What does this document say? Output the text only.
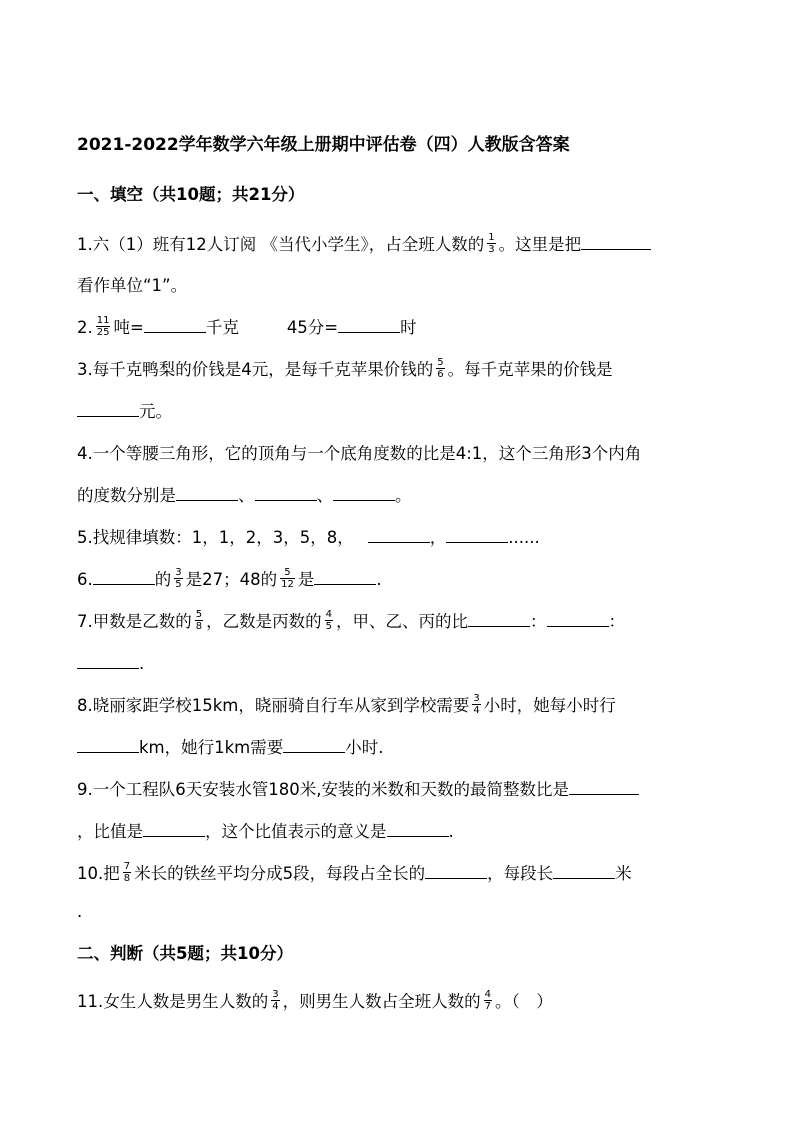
2021-2022学年数学六年级上册期中评估卷（四）人教版含答案
一、填空（共10题；共21分）
1.六（1）班有12人订阅 《当代小学生》，占全班人数的 $\frac{1}{3}$ 。这里是把
看作单位“1”。
2. $\frac{11}{25}$ 吨=	千克	45分=	时
3.每千克鸭梨的价钱是4元，是每千克苹果价钱的 $\frac{5}{6}$ 。每千克苹果的价钱是
元。
4.一个等腰三角形，它的顶角与一个底角度数的比是4:1，这个三角形3个内角
的度数分别是	、	、	。
5.找规律填数：1，1，2，3，5，8，	，	......
6.	的 $\frac{3}{5}$ 是27；48的 $\frac{5}{12}$ 是	.
7.甲数是乙数的 $\frac{5}{8}$ ，乙数是丙数的 $\frac{4}{5}$ ，甲、乙、丙的比	：	：
.
8.晓丽家距学校15km，晓丽骑自行车从家到学校需要 $\frac{3}{4}$ 小时，她每小时行
km，她行1km需要	小时.
9.一个工程队6天安装水管180米,安装的米数和天数的最简整数比是
，比值是	，这个比值表示的意义是	.
10.把 $\frac{7}{8}$ 米长的铁丝平均分成5段，每段占全长的	，每段长	米
.
二、判断（共5题；共10分）
11.女生人数是男生人数的 $\frac{3}{4}$ ，则男生人数占全班人数的 $\frac{4}{7}$ 。（　）
